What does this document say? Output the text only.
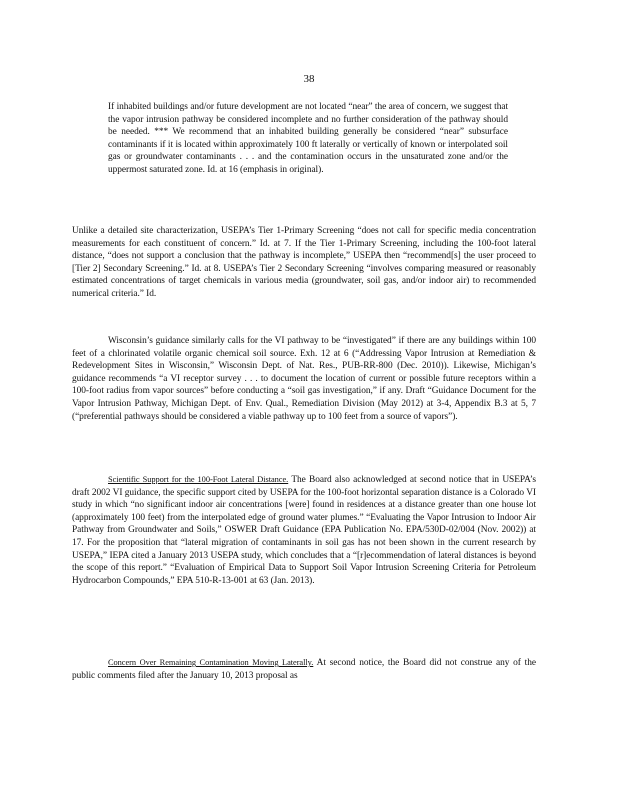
38
If inhabited buildings and/or future development are not located “near” the area of concern, we suggest that the vapor intrusion pathway be considered incomplete and no further consideration of the pathway should be needed. *** We recommend that an inhabited building generally be considered “near” subsurface contaminants if it is located within approximately 100 ft laterally or vertically of known or interpolated soil gas or groundwater contaminants . . . and the contamination occurs in the unsaturated zone and/or the uppermost saturated zone. Id. at 16 (emphasis in original).
Unlike a detailed site characterization, USEPA’s Tier 1-Primary Screening “does not call for specific media concentration measurements for each constituent of concern.” Id. at 7. If the Tier 1-Primary Screening, including the 100-foot lateral distance, “does not support a conclusion that the pathway is incomplete,” USEPA then “recommend[s] the user proceed to [Tier 2] Secondary Screening.” Id. at 8. USEPA’s Tier 2 Secondary Screening “involves comparing measured or reasonably estimated concentrations of target chemicals in various media (groundwater, soil gas, and/or indoor air) to recommended numerical criteria.” Id.
Wisconsin’s guidance similarly calls for the VI pathway to be “investigated” if there are any buildings within 100 feet of a chlorinated volatile organic chemical soil source. Exh. 12 at 6 (“Addressing Vapor Intrusion at Remediation & Redevelopment Sites in Wisconsin,” Wisconsin Dept. of Nat. Res., PUB-RR-800 (Dec. 2010)). Likewise, Michigan’s guidance recommends “a VI receptor survey . . . to document the location of current or possible future receptors within a 100-foot radius from vapor sources” before conducting a “soil gas investigation,” if any. Draft “Guidance Document for the Vapor Intrusion Pathway, Michigan Dept. of Env. Qual., Remediation Division (May 2012) at 3-4, Appendix B.3 at 5, 7 (“preferential pathways should be considered a viable pathway up to 100 feet from a source of vapors”).
Scientific Support for the 100-Foot Lateral Distance. The Board also acknowledged at second notice that in USEPA’s draft 2002 VI guidance, the specific support cited by USEPA for the 100-foot horizontal separation distance is a Colorado VI study in which “no significant indoor air concentrations [were] found in residences at a distance greater than one house lot (approximately 100 feet) from the interpolated edge of ground water plumes.” “Evaluating the Vapor Intrusion to Indoor Air Pathway from Groundwater and Soils,” OSWER Draft Guidance (EPA Publication No. EPA/530D-02/004 (Nov. 2002)) at 17. For the proposition that “lateral migration of contaminants in soil gas has not been shown in the current research by USEPA,” IEPA cited a January 2013 USEPA study, which concludes that a “[r]ecommendation of lateral distances is beyond the scope of this report.” “Evaluation of Empirical Data to Support Soil Vapor Intrusion Screening Criteria for Petroleum Hydrocarbon Compounds,” EPA 510-R-13-001 at 63 (Jan. 2013).
Concern Over Remaining Contamination Moving Laterally. At second notice, the Board did not construe any of the public comments filed after the January 10, 2013 proposal as
